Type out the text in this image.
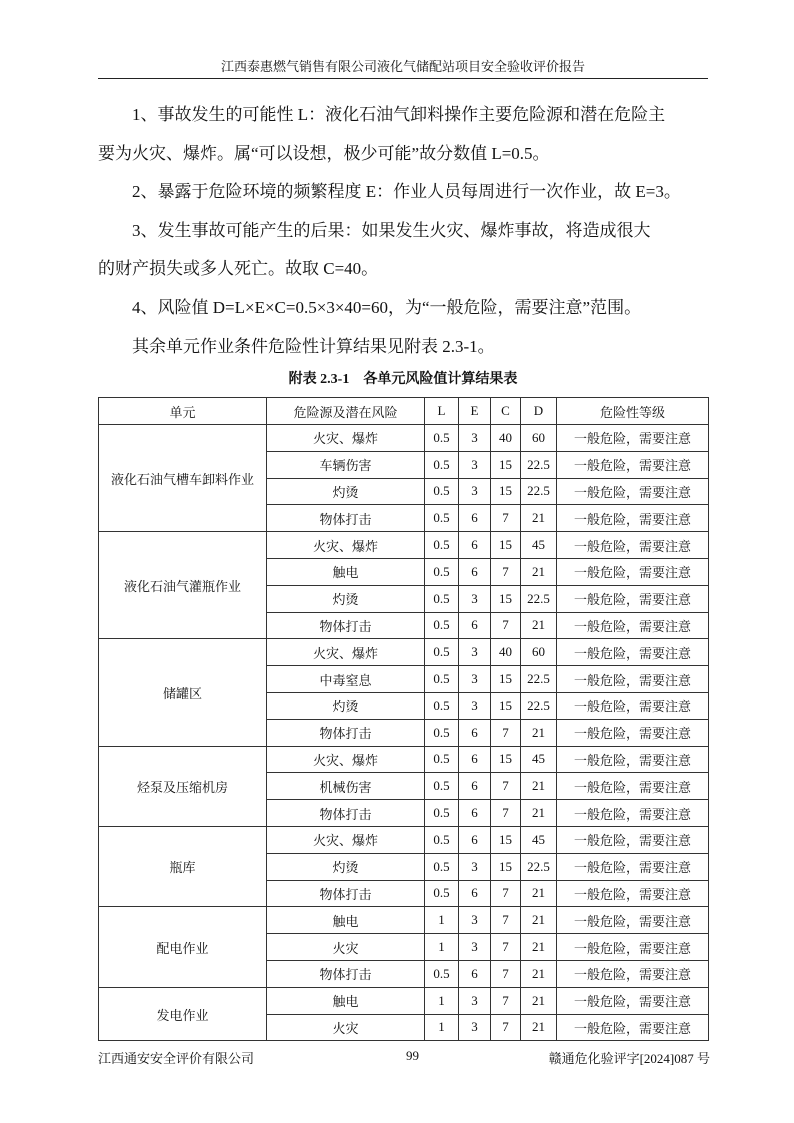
江西泰惠燃气销售有限公司液化气储配站项目安全验收评价报告

1、事故发生的可能性 L：液化石油气卸料操作主要危险源和潜在危险主

要为火灾、爆炸。属“可以设想，极少可能”故分数值 L=0.5。

2、暴露于危险环境的频繁程度 E：作业人员每周进行一次作业，故 E=3。

3、发生事故可能产生的后果：如果发生火灾、爆炸事故，将造成很大

的财产损失或多人死亡。故取 C=40。

4、风险值 D=L×E×C=0.5×3×40=60，为“一般危险，需要注意”范围。

其余单元作业条件危险性计算结果见附表 2.3-1。

附表 2.3-1　各单元风险值计算结果表
单元	危险源及潜在风险	L	E	C	D	危险性等级
液化石油气槽车卸料作业	火灾、爆炸	0.5	3	40	60	一般危险，需要注意
	车辆伤害	0.5	3	15	22.5	一般危险，需要注意
	灼烫	0.5	3	15	22.5	一般危险，需要注意
	物体打击	0.5	6	7	21	一般危险，需要注意
液化石油气灌瓶作业	火灾、爆炸	0.5	6	15	45	一般危险，需要注意
	触电	0.5	6	7	21	一般危险，需要注意
	灼烫	0.5	3	15	22.5	一般危险，需要注意
	物体打击	0.5	6	7	21	一般危险，需要注意
储罐区	火灾、爆炸	0.5	3	40	60	一般危险，需要注意
	中毒窒息	0.5	3	15	22.5	一般危险，需要注意
	灼烫	0.5	3	15	22.5	一般危险，需要注意
	物体打击	0.5	6	7	21	一般危险，需要注意
烃泵及压缩机房	火灾、爆炸	0.5	6	15	45	一般危险，需要注意
	机械伤害	0.5	6	7	21	一般危险，需要注意
	物体打击	0.5	6	7	21	一般危险，需要注意
瓶库	火灾、爆炸	0.5	6	15	45	一般危险，需要注意
	灼烫	0.5	3	15	22.5	一般危险，需要注意
	物体打击	0.5	6	7	21	一般危险，需要注意
配电作业	触电	1	3	7	21	一般危险，需要注意
	火灾	1	3	7	21	一般危险，需要注意
	物体打击	0.5	6	7	21	一般危险，需要注意
发电作业	触电	1	3	7	21	一般危险，需要注意
	火灾	1	3	7	21	一般危险，需要注意
江西通安安全评价有限公司	99	赣通危化验评字[2024]087 号
